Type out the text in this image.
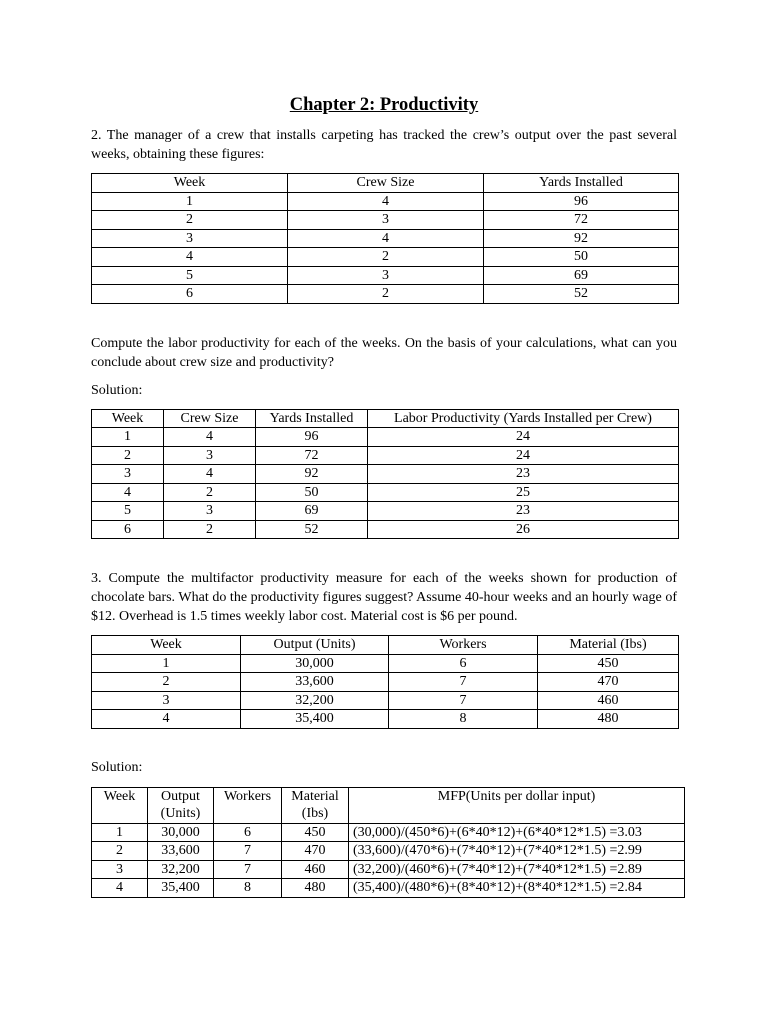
Chapter 2: Productivity

2. The manager of a crew that installs carpeting has tracked the crew’s output over the past several weeks, obtaining these figures:

Week	Crew Size	Yards Installed
1	4	96
2	3	72
3	4	92
4	2	50
5	3	69
6	2	52

Compute the labor productivity for each of the weeks. On the basis of your calculations, what can you conclude about crew size and productivity?

Solution:

Week	Crew Size	Yards Installed	Labor Productivity (Yards Installed per Crew)
1	4	96	24
2	3	72	24
3	4	92	23
4	2	50	25
5	3	69	23
6	2	52	26

3. Compute the multifactor productivity measure for each of the weeks shown for production of chocolate bars. What do the productivity figures suggest? Assume 40-hour weeks and an hourly wage of $12. Overhead is 1.5 times weekly labor cost. Material cost is $6 per pound.

Week	Output (Units)	Workers	Material (Ibs)
1	30,000	6	450
2	33,600	7	470
3	32,200	7	460
4	35,400	8	480

Solution:

Week	Output (Units)	Workers	Material (Ibs)	MFP(Units per dollar input)
1	30,000	6	450	(30,000)/(450*6)+(6*40*12)+(6*40*12*1.5) =3.03
2	33,600	7	470	(33,600)/(470*6)+(7*40*12)+(7*40*12*1.5) =2.99
3	32,200	7	460	(32,200)/(460*6)+(7*40*12)+(7*40*12*1.5) =2.89
4	35,400	8	480	(35,400)/(480*6)+(8*40*12)+(8*40*12*1.5) =2.84
